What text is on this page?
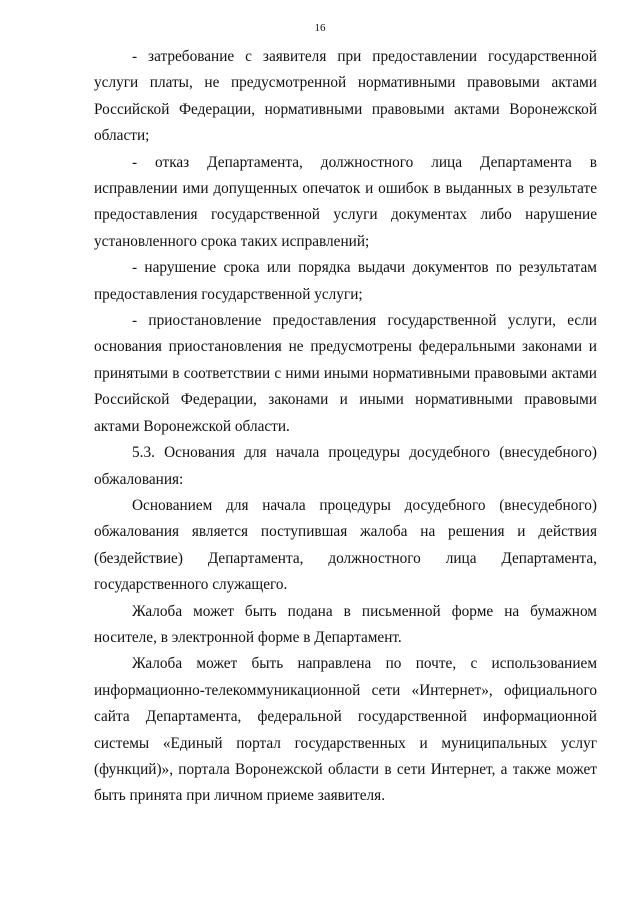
16

- затребование с заявителя при предоставлении государственной услуги платы, не предусмотренной нормативными правовыми актами Российской Федерации, нормативными правовыми актами Воронежской области;

- отказ Департамента, должностного лица Департамента в исправлении ими допущенных опечаток и ошибок в выданных в результате предоставления государственной услуги документах либо нарушение установленного срока таких исправлений;

- нарушение срока или порядка выдачи документов по результатам предоставления государственной услуги;

- приостановление предоставления государственной услуги, если основания приостановления не предусмотрены федеральными законами и принятыми в соответствии с ними иными нормативными правовыми актами Российской Федерации, законами и иными нормативными правовыми актами Воронежской области.

5.3. Основания для начала процедуры досудебного (внесудебного) обжалования:

Основанием для начала процедуры досудебного (внесудебного) обжалования является поступившая жалоба на решения и действия (бездействие) Департамента, должностного лица Департамента, государственного служащего.

Жалоба может быть подана в письменной форме на бумажном носителе, в электронной форме в Департамент.

Жалоба может быть направлена по почте, с использованием информационно-телекоммуникационной сети «Интернет», официального сайта Департамента, федеральной государственной информационной системы «Единый портал государственных и муниципальных услуг (функций)», портала Воронежской области в сети Интернет, а также может быть принята при личном приеме заявителя.
